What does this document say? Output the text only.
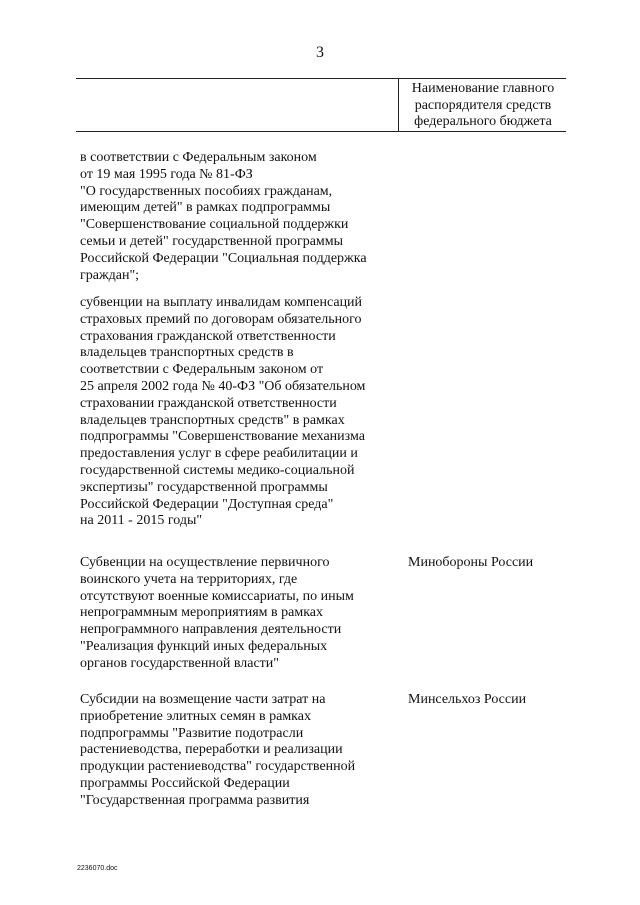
3
Наименование главного
распорядителя средств
федерального бюджета
в соответствии с Федеральным законом
от 19 мая 1995 года № 81-ФЗ
"О государственных пособиях гражданам,
имеющим детей" в рамках подпрограммы
"Совершенствование социальной поддержки
семьи и детей" государственной программы
Российской Федерации "Социальная поддержка
граждан";
субвенции на выплату инвалидам компенсаций
страховых премий по договорам обязательного
страхования гражданской ответственности
владельцев транспортных средств в
соответствии с Федеральным законом от
25 апреля 2002 года № 40-ФЗ "Об обязательном
страховании гражданской ответственности
владельцев транспортных средств" в рамках
подпрограммы "Совершенствование механизма
предоставления услуг в сфере реабилитации и
государственной системы медико-социальной
экспертизы" государственной программы
Российской Федерации "Доступная среда"
на 2011 - 2015 годы"
Субвенции на осуществление первичного
воинского учета на территориях, где
отсутствуют военные комиссариаты, по иным
непрограммным мероприятиям в рамках
непрограммного направления деятельности
"Реализация функций иных федеральных
органов государственной власти"
Минобороны России
Субсидии на возмещение части затрат на
приобретение элитных семян в рамках
подпрограммы "Развитие подотрасли
растениеводства, переработки и реализации
продукции растениеводства" государственной
программы Российской Федерации
"Государственная программа развития
Минсельхоз России
2236070.doc
